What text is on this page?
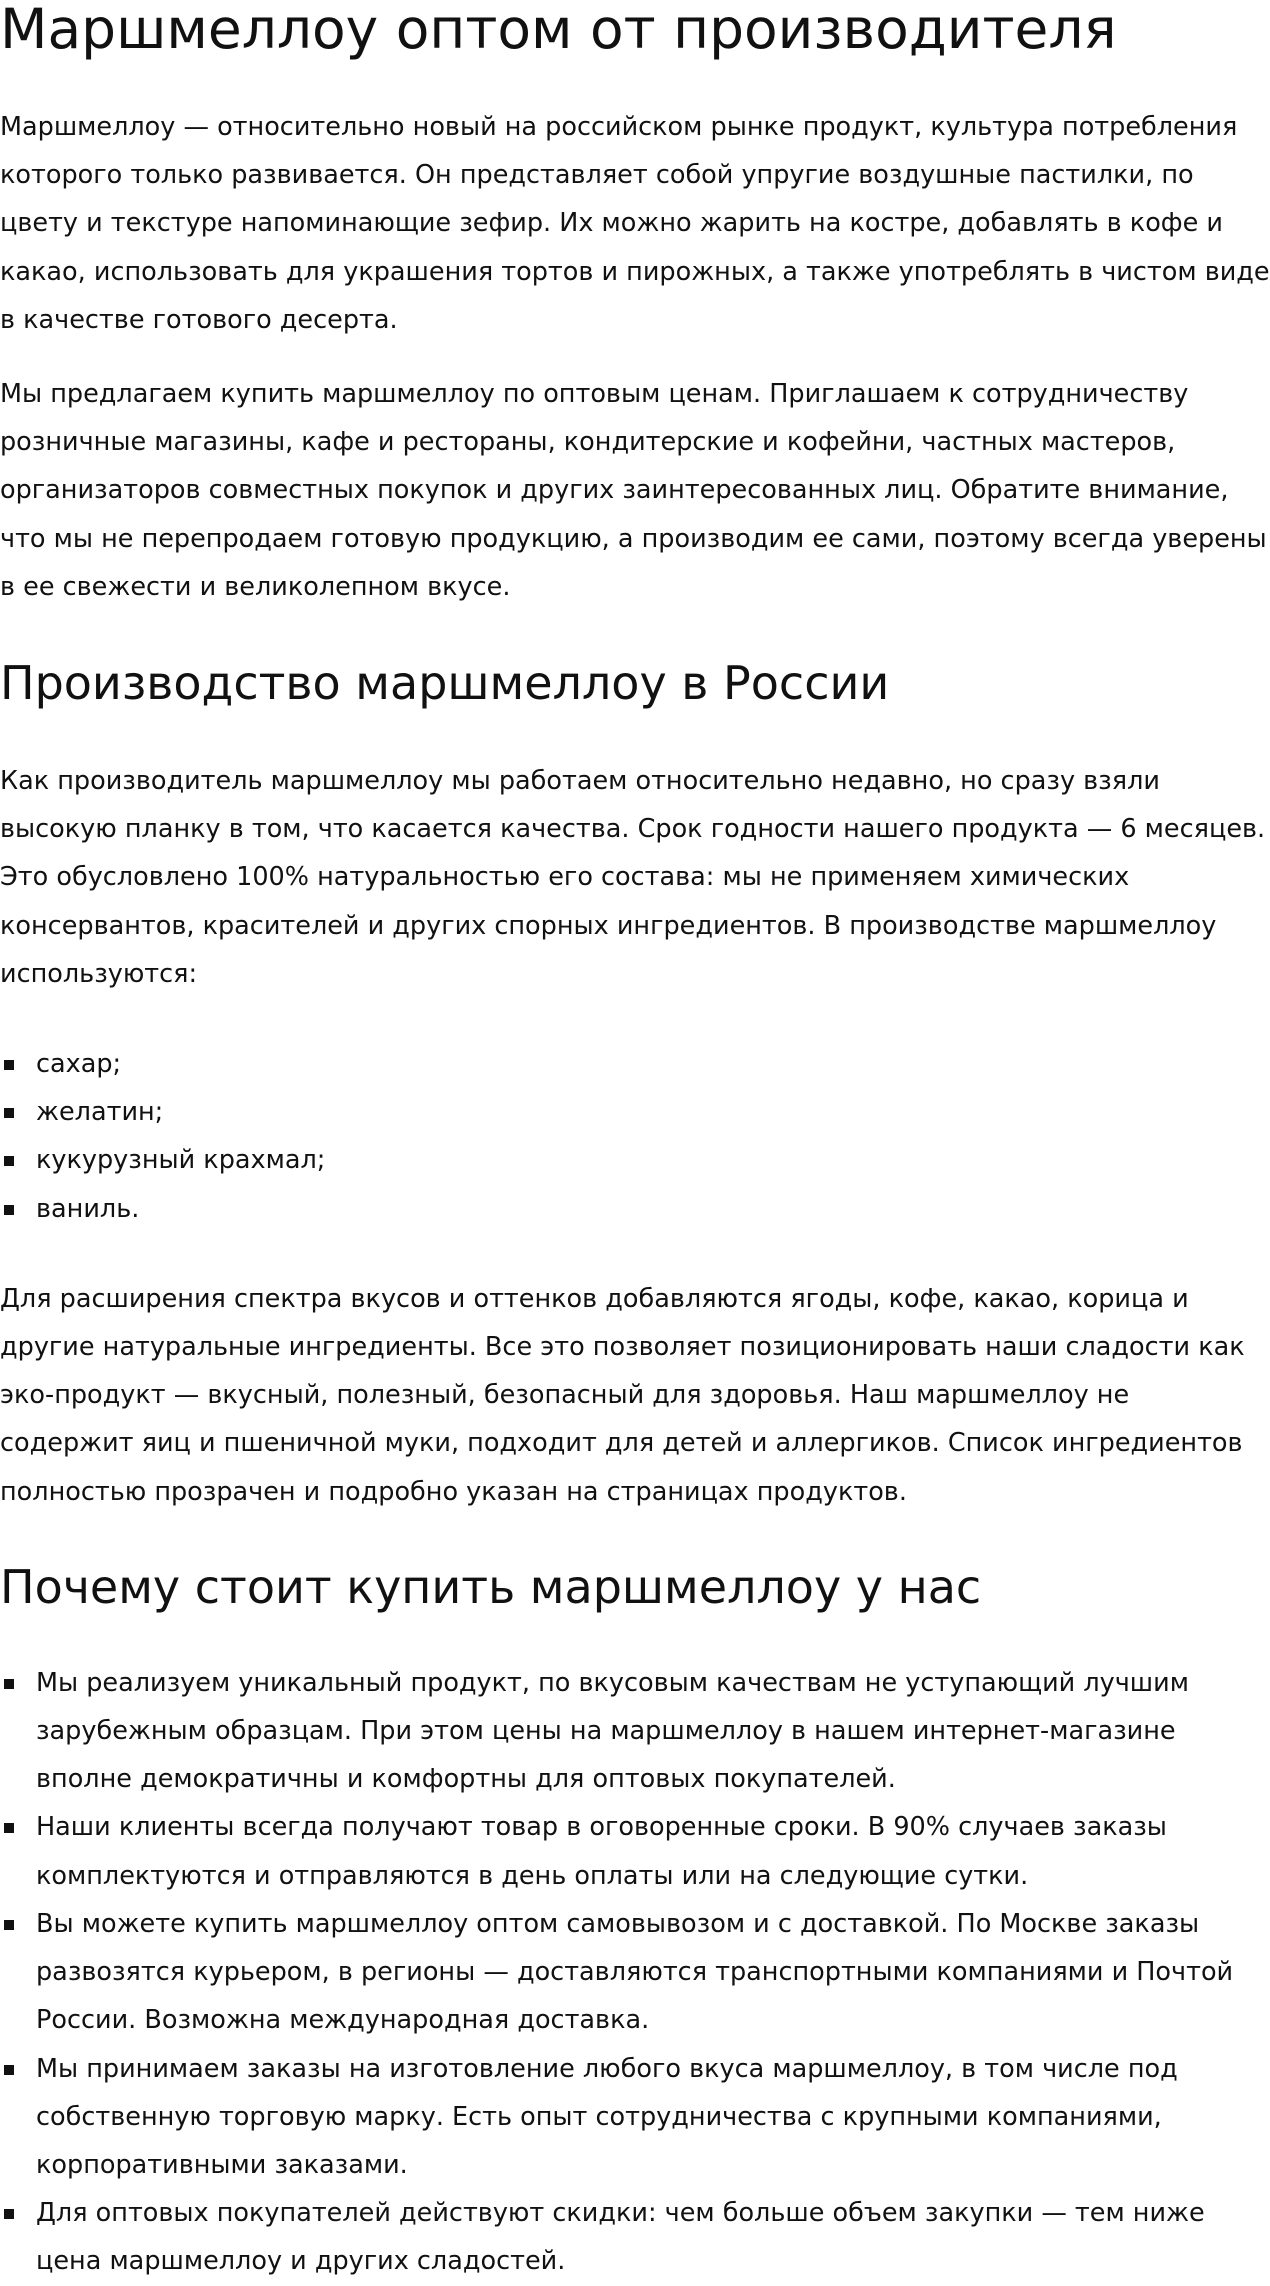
Маршмеллоу оптом от производителя

Маршмеллоу — относительно новый на российском рынке продукт, культура потребления которого только развивается. Он представляет собой упругие воздушные пастилки, по цвету и текстуре напоминающие зефир. Их можно жарить на костре, добавлять в кофе и какао, использовать для украшения тортов и пирожных, а также употреблять в чистом виде в качестве готового десерта.

Мы предлагаем купить маршмеллоу по оптовым ценам. Приглашаем к сотрудничеству розничные магазины, кафе и рестораны, кондитерские и кофейни, частных мастеров, организаторов совместных покупок и других заинтересованных лиц. Обратите внимание, что мы не перепродаем готовую продукцию, а производим ее сами, поэтому всегда уверены в ее свежести и великолепном вкусе.

Производство маршмеллоу в России

Как производитель маршмеллоу мы работаем относительно недавно, но сразу взяли высокую планку в том, что касается качества. Срок годности нашего продукта — 6 месяцев. Это обусловлено 100% натуральностью его состава: мы не применяем химических консервантов, красителей и других спорных ингредиентов. В производстве маршмеллоу используются:

сахар;
желатин;
кукурузный крахмал;
ваниль.

Для расширения спектра вкусов и оттенков добавляются ягоды, кофе, какао, корица и другие натуральные ингредиенты. Все это позволяет позиционировать наши сладости как эко-продукт — вкусный, полезный, безопасный для здоровья. Наш маршмеллоу не содержит яиц и пшеничной муки, подходит для детей и аллергиков. Список ингредиентов полностью прозрачен и подробно указан на страницах продуктов.

Почему стоит купить маршмеллоу у нас
Мы реализуем уникальный продукт, по вкусовым качествам не уступающий лучшим зарубежным образцам. При этом цены на маршмеллоу в нашем интернет-магазине вполне демократичны и комфортны для оптовых покупателей.
Наши клиенты всегда получают товар в оговоренные сроки. В 90% случаев заказы комплектуются и отправляются в день оплаты или на следующие сутки.
Вы можете купить маршмеллоу оптом самовывозом и с доставкой. По Москве заказы развозятся курьером, в регионы — доставляются транспортными компаниями и Почтой России. Возможна международная доставка.
Мы принимаем заказы на изготовление любого вкуса маршмеллоу, в том числе под собственную торговую марку. Есть опыт сотрудничества с крупными компаниями, корпоративными заказами.
Для оптовых покупателей действуют скидки: чем больше объем закупки — тем ниже цена маршмеллоу и других сладостей.
